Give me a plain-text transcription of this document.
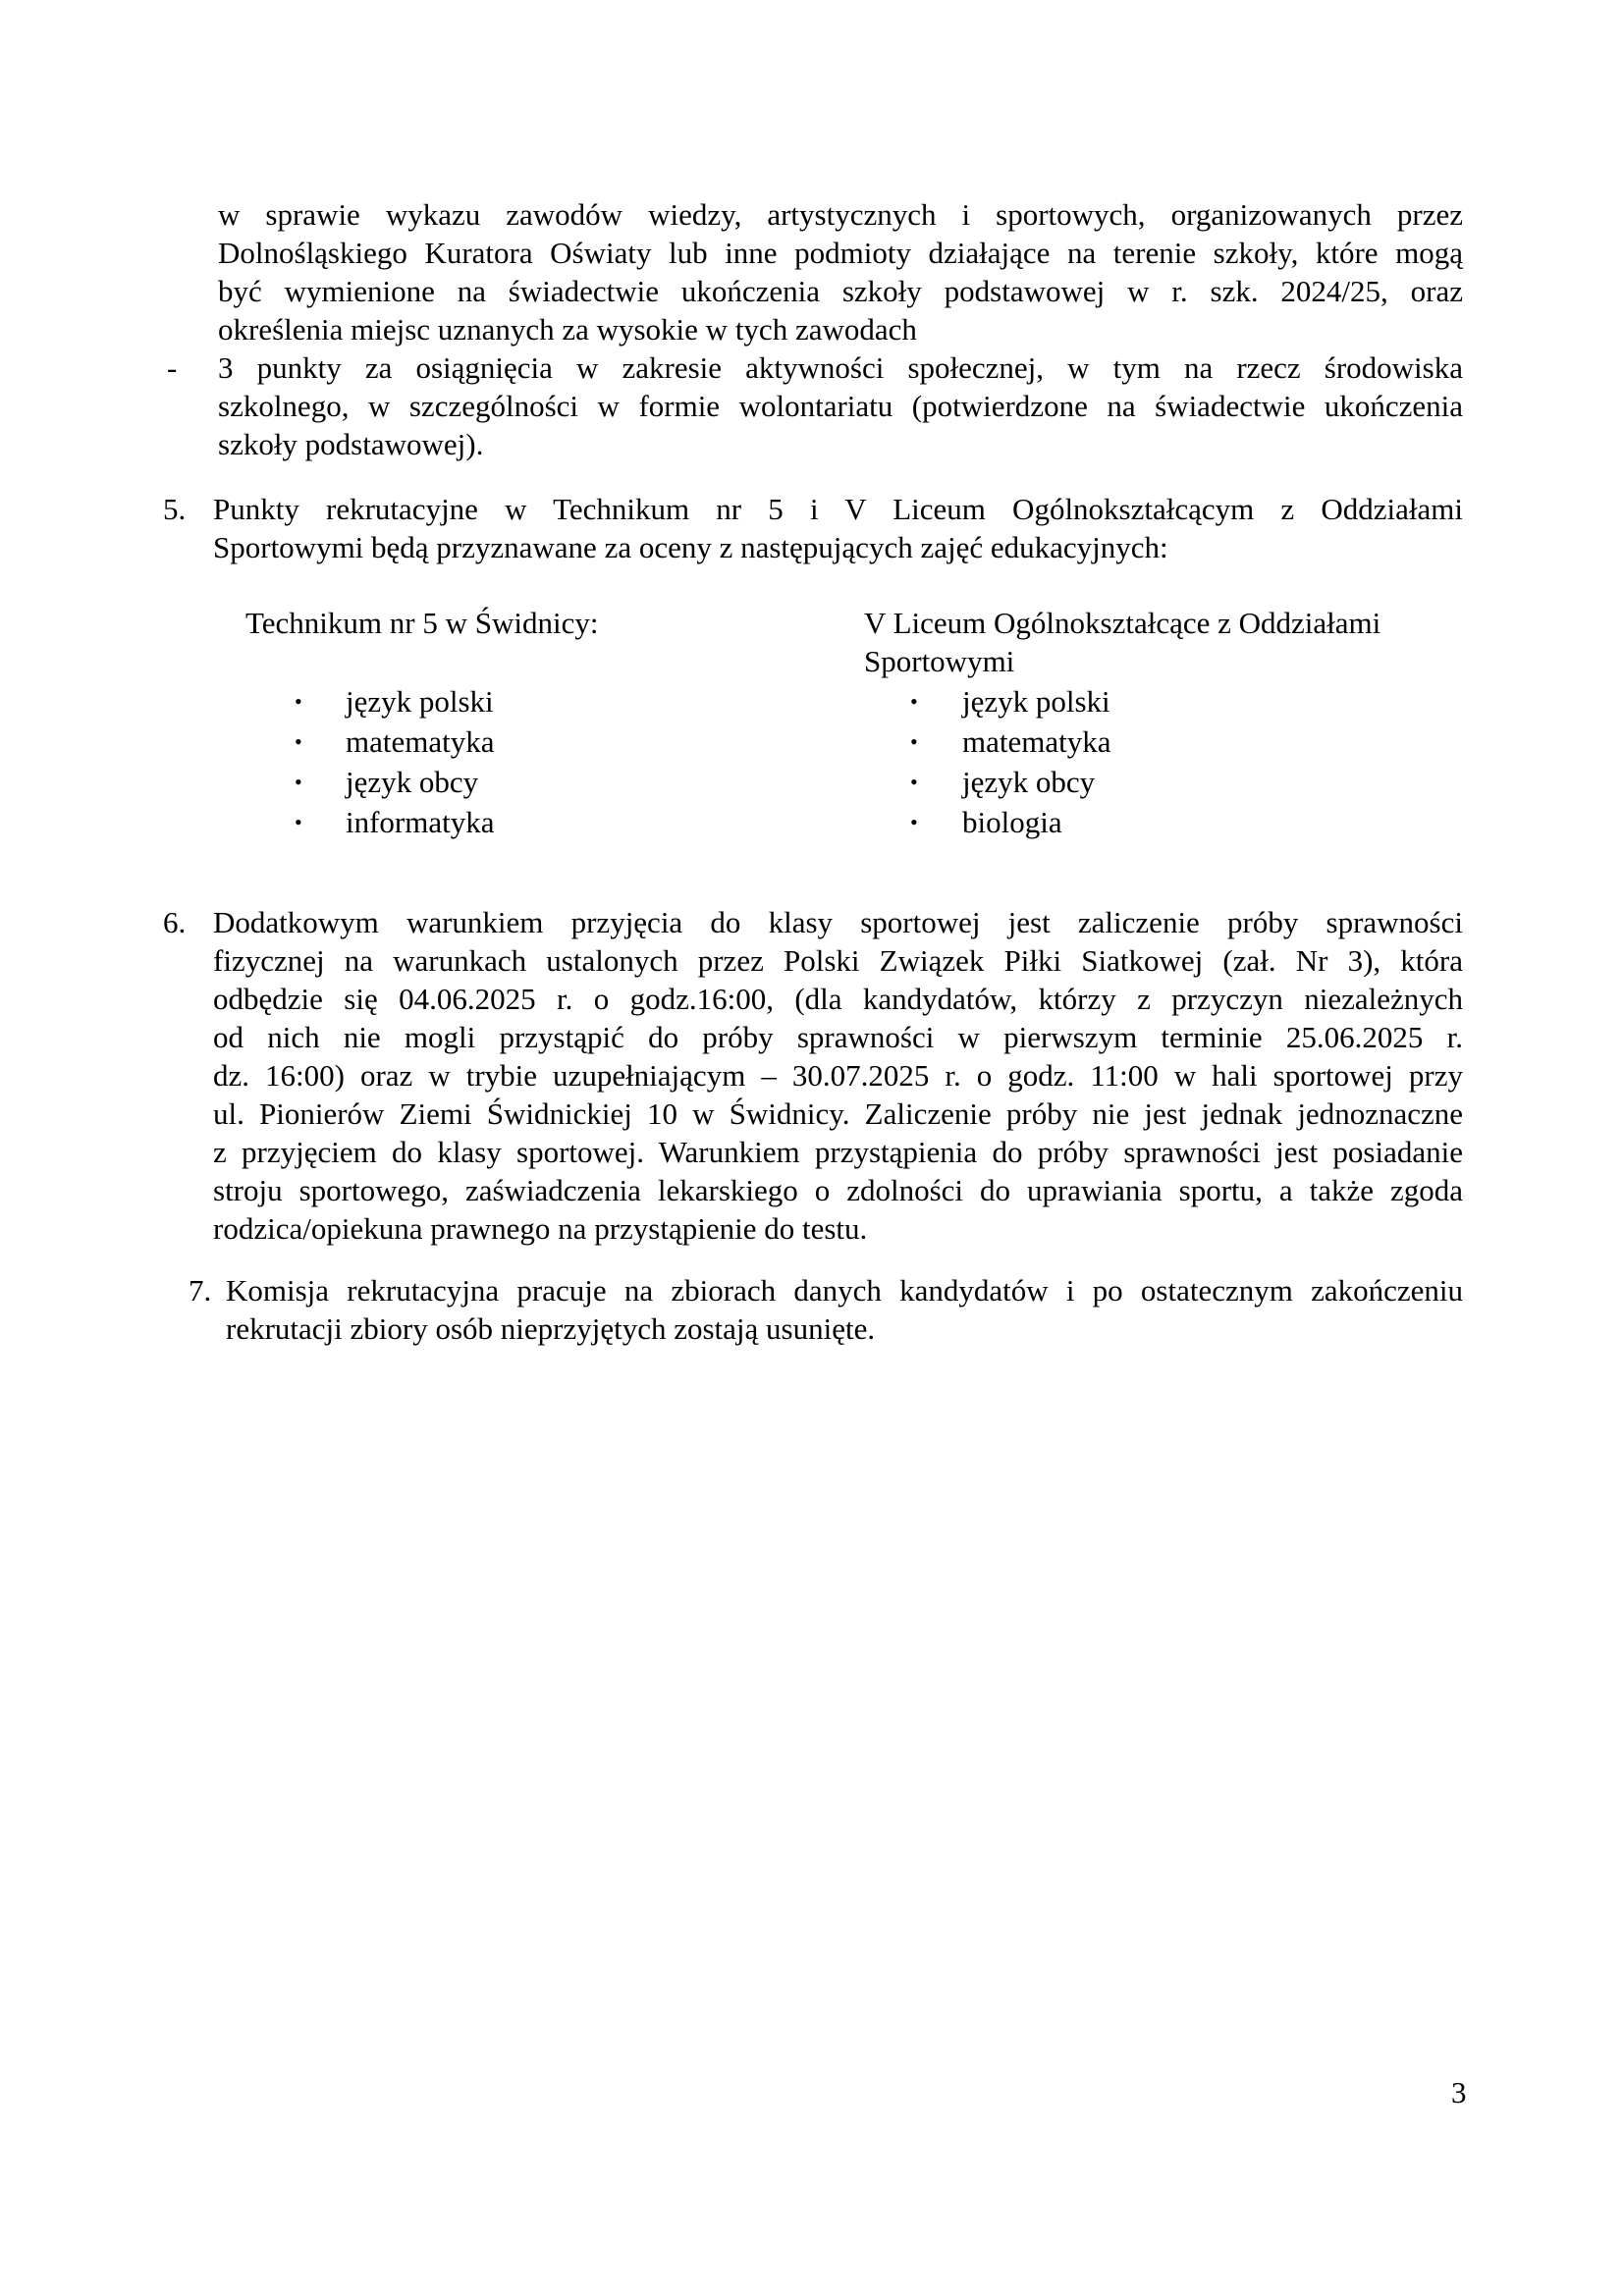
w sprawie wykazu zawodów wiedzy, artystycznych i sportowych, organizowanych przez
Dolnośląskiego Kuratora Oświaty lub inne podmioty działające na terenie szkoły, które mogą
być wymienione na świadectwie ukończenia szkoły podstawowej w r. szk. 2024/25, oraz
określenia miejsc uznanych za wysokie w tych zawodach
- 3 punkty za osiągnięcia w zakresie aktywności społecznej, w tym na rzecz środowiska
szkolnego, w szczególności w formie wolontariatu (potwierdzone na świadectwie ukończenia
szkoły podstawowej).
5. Punkty rekrutacyjne w Technikum nr 5 i V Liceum Ogólnokształcącym z Oddziałami
Sportowymi będą przyznawane za oceny z następujących zajęć edukacyjnych:
Technikum nr 5 w Świdnicy:
• język polski
• matematyka
• język obcy
• informatyka
V Liceum Ogólnokształcące z Oddziałami
Sportowymi
• język polski
• matematyka
• język obcy
• biologia
6. Dodatkowym warunkiem przyjęcia do klasy sportowej jest zaliczenie próby sprawności
fizycznej na warunkach ustalonych przez Polski Związek Piłki Siatkowej (zał. Nr 3), która
odbędzie się 04.06.2025 r. o godz.16:00, (dla kandydatów, którzy z przyczyn niezależnych
od nich nie mogli przystąpić do próby sprawności w pierwszym terminie 25.06.2025 r.
dz. 16:00) oraz w trybie uzupełniającym – 30.07.2025 r. o godz. 11:00 w hali sportowej przy
ul. Pionierów Ziemi Świdnickiej 10 w Świdnicy. Zaliczenie próby nie jest jednak jednoznaczne
z przyjęciem do klasy sportowej. Warunkiem przystąpienia do próby sprawności jest posiadanie
stroju sportowego, zaświadczenia lekarskiego o zdolności do uprawiania sportu, a także zgoda
rodzica/opiekuna prawnego na przystąpienie do testu.
7. Komisja rekrutacyjna pracuje na zbiorach danych kandydatów i po ostatecznym zakończeniu
rekrutacji zbiory osób nieprzyjętych zostają usunięte.
3
